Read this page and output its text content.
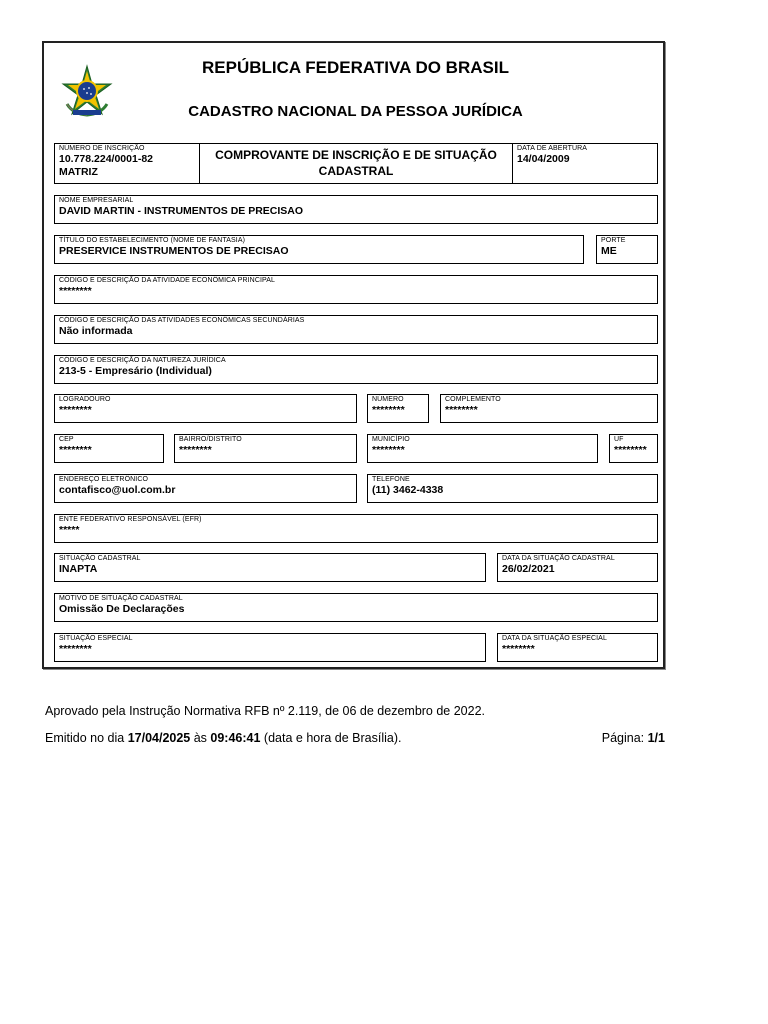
REPÚBLICA FEDERATIVA DO BRASIL
CADASTRO NACIONAL DA PESSOA JURÍDICA
NÚMERO DE INSCRIÇÃO
10.778.224/0001-82
MATRIZ
COMPROVANTE DE INSCRIÇÃO E DE SITUAÇÃO CADASTRAL
DATA DE ABERTURA
14/04/2009
NOME EMPRESARIAL
DAVID MARTIN - INSTRUMENTOS DE PRECISAO
TÍTULO DO ESTABELECIMENTO (NOME DE FANTASIA)
PRESERVICE INSTRUMENTOS DE PRECISAO
PORTE
ME
CÓDIGO E DESCRIÇÃO DA ATIVIDADE ECONÔMICA PRINCIPAL
********
CÓDIGO E DESCRIÇÃO DAS ATIVIDADES ECONÔMICAS SECUNDÁRIAS
Não informada
CÓDIGO E DESCRIÇÃO DA NATUREZA JURÍDICA
213-5 - Empresário (Individual)
LOGRADOURO
********
NÚMERO
********
COMPLEMENTO
********
CEP
********
BAIRRO/DISTRITO
********
MUNICÍPIO
********
UF
********
ENDEREÇO ELETRÔNICO
contafisco@uol.com.br
TELEFONE
(11) 3462-4338
ENTE FEDERATIVO RESPONSÁVEL (EFR)
*****
SITUAÇÃO CADASTRAL
INAPTA
DATA DA SITUAÇÃO CADASTRAL
26/02/2021
MOTIVO DE SITUAÇÃO CADASTRAL
Omissão De Declarações
SITUAÇÃO ESPECIAL
********
DATA DA SITUAÇÃO ESPECIAL
********
Aprovado pela Instrução Normativa RFB nº 2.119, de 06 de dezembro de 2022.
Emitido no dia 17/04/2025 às 09:46:41 (data e hora de Brasília).	Página: 1/1
